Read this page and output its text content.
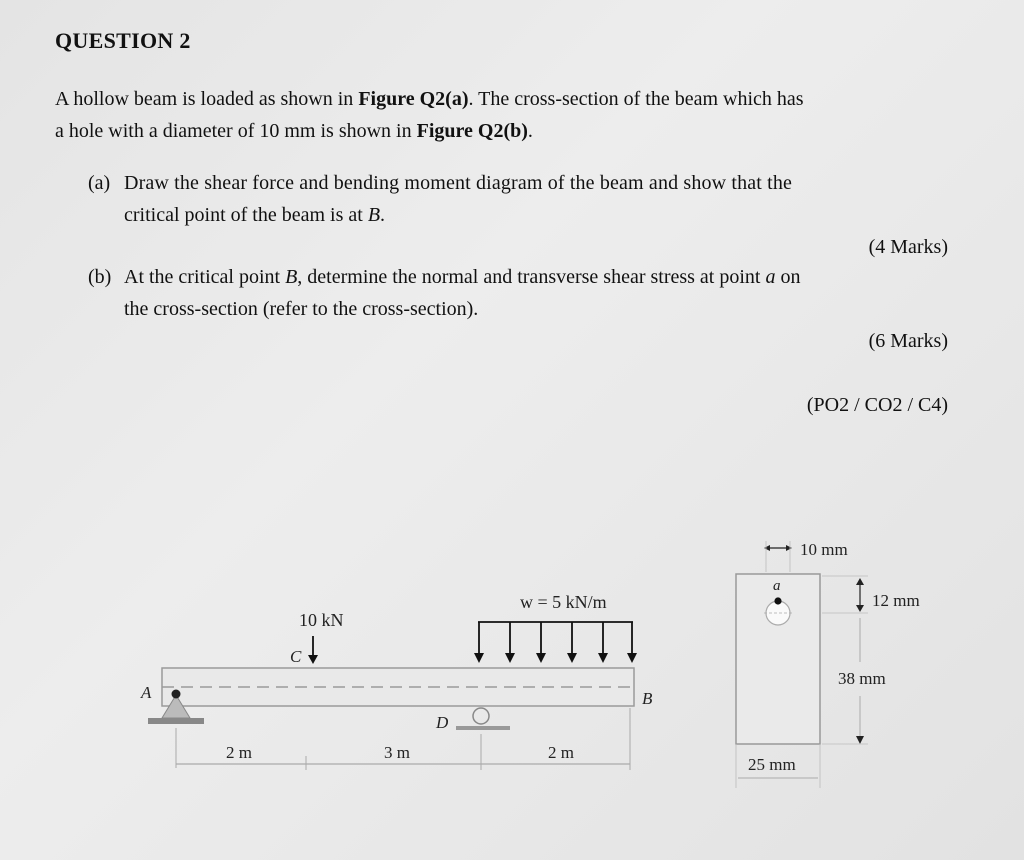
QUESTION 2
A hollow beam is loaded as shown in Figure Q2(a). The cross-section of the beam which has
a hole with a diameter of 10 mm is shown in Figure Q2(b).
(a) Draw the shear force and bending moment diagram of the beam and show that the
critical point of the beam is at B.
(4 Marks)
(b) At the critical point B, determine the normal and transverse shear stress at point a on
the cross-section (refer to the cross-section).
(6 Marks)
(PO2 / CO2 / C4)
10 kN
w = 5 kN/m
C
A	B
D
2 m	3 m	2 m
10 mm
a
12 mm
38 mm
25 mm
